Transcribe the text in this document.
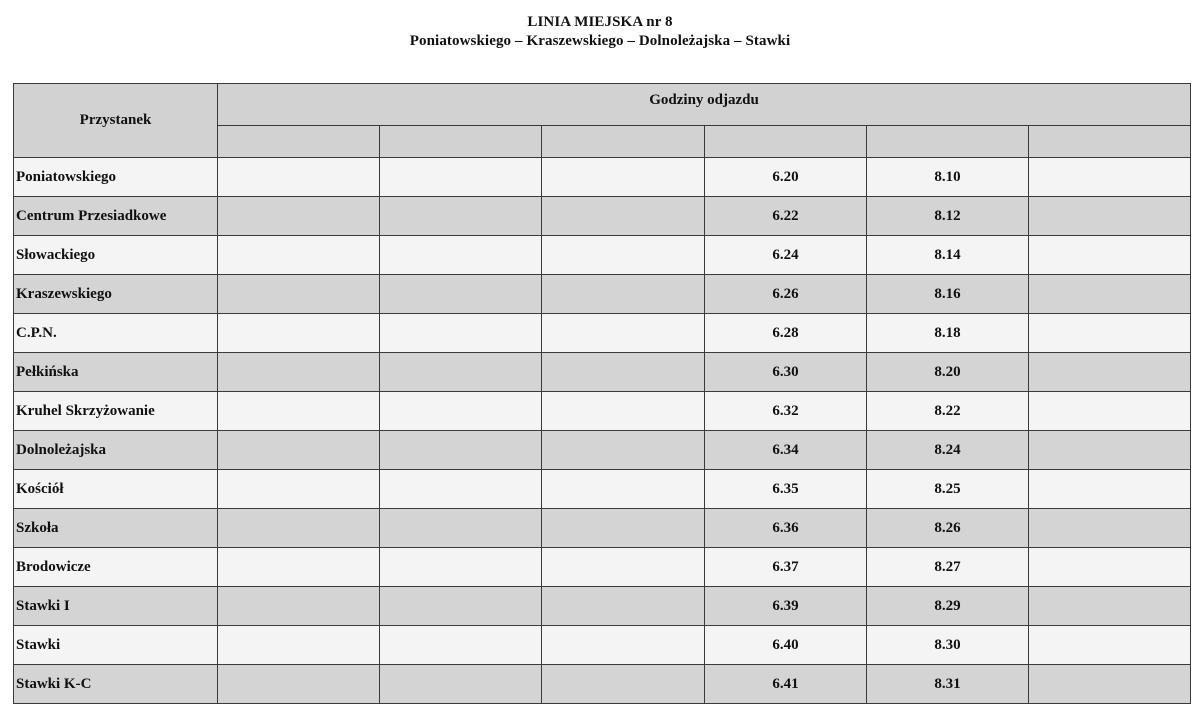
LINIA MIEJSKA nr 8
Poniatowskiego – Kraszewskiego – Dolnoleżajska – Stawki
Przystanek	Godziny odjazdu					

Poniatowskiego				6.20	8.10	
Centrum Przesiadkowe				6.22	8.12	
Słowackiego				6.24	8.14	
Kraszewskiego				6.26	8.16	
C.P.N.				6.28	8.18	
Pełkińska				6.30	8.20	
Kruhel Skrzyżowanie				6.32	8.22	
Dolnoleżajska				6.34	8.24	
Kościół				6.35	8.25	
Szkoła				6.36	8.26	
Brodowicze				6.37	8.27	
Stawki I				6.39	8.29	
Stawki				6.40	8.30	
Stawki K-C				6.41	8.31	
